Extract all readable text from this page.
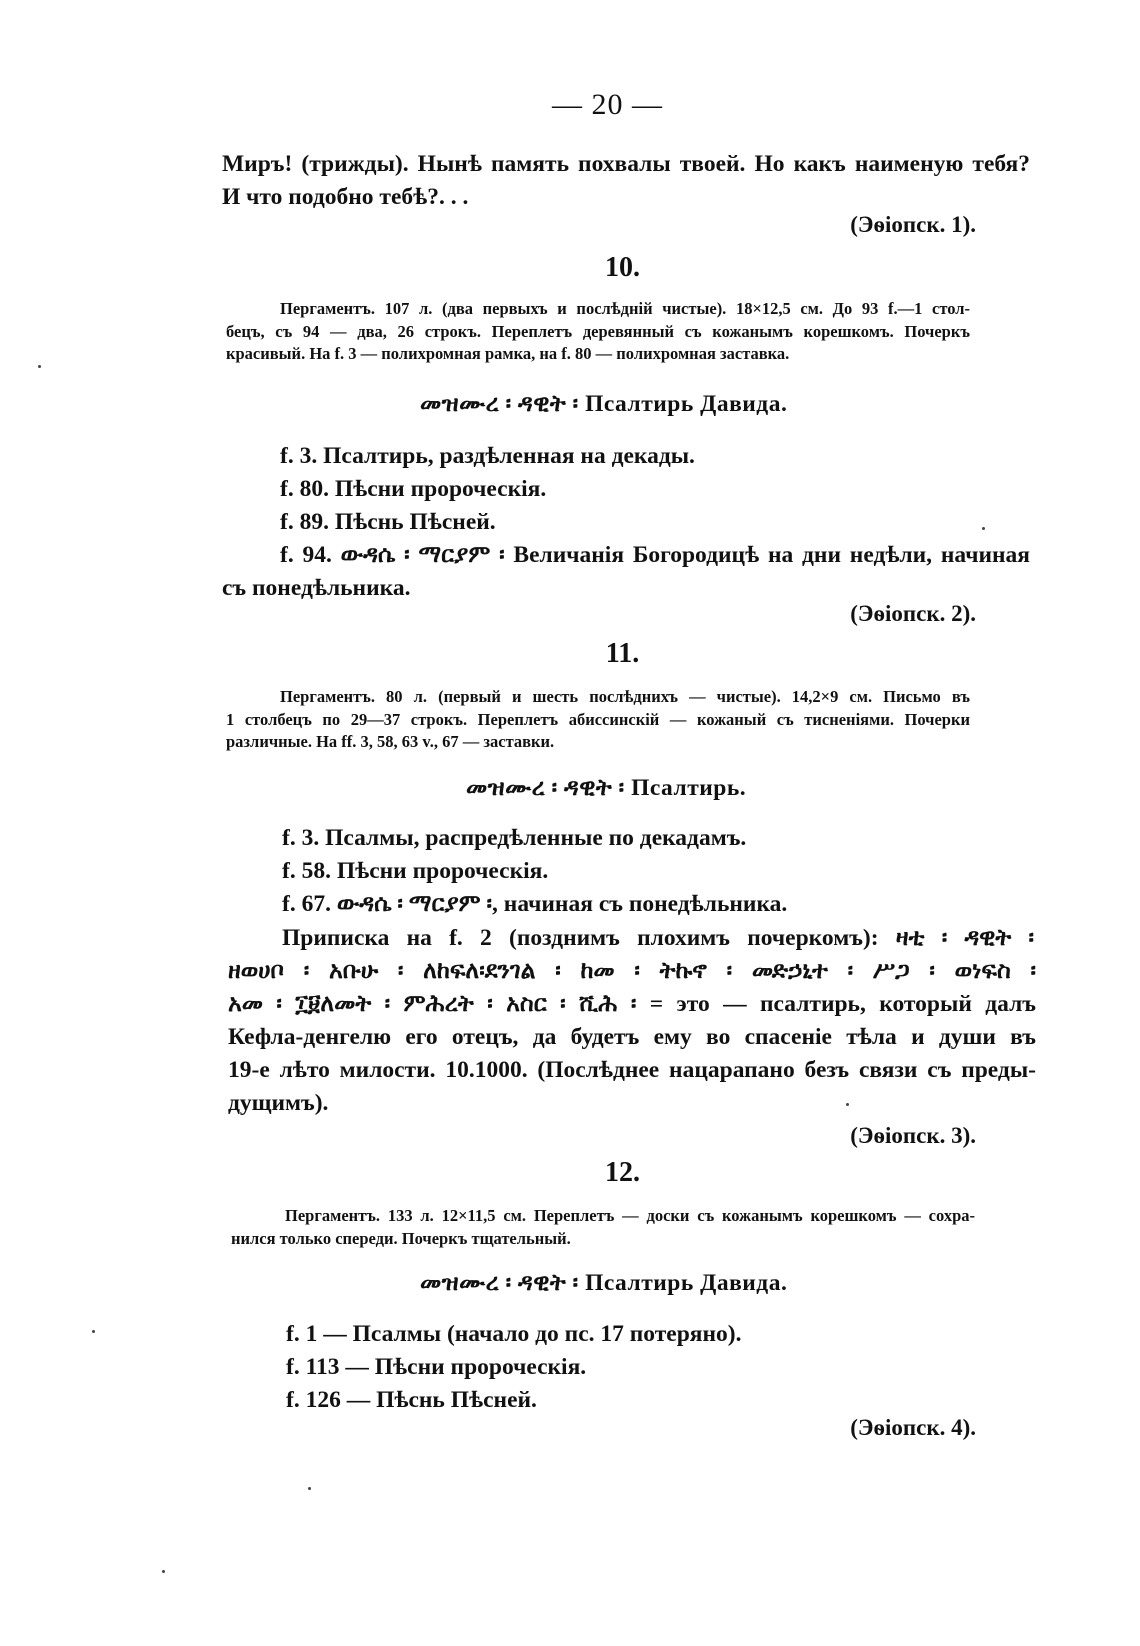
— 20 —
Миръ! (трижды). Нынѣ память похвалы твоей. Но какъ наименую тебя?
И что подобно тебѣ?. . .
(Эѳіопск. 1).
10.
Пергаментъ. 107 л. (два первыхъ и послѣдній чистые). 18×12,5 см. До 93 f.—1 стол-
бецъ, съ 94 — два, 26 строкъ. Переплетъ деревянный съ кожанымъ корешкомъ. Почеркъ
красивый. На f. 3 — полихромная рамка, на f. 80 — полихромная заставка.
መዝሙረ ፡ ዳዊት ፡ Псалтирь Давида.
f. 3. Псалтирь, раздѣленная на декады.
f. 80. Пѣсни пророческія.
f. 89. Пѣснь Пѣсней.
f. 94. ውዳሴ ፡ ማርያም ፡ Величанія Богородицѣ на дни недѣли, начиная
съ понедѣльника.
(Эѳіопск. 2).
11.
Пергаментъ. 80 л. (первый и шесть послѣднихъ — чистые). 14,2×9 см. Письмо въ
1 столбецъ по 29—37 строкъ. Переплетъ абиссинскій — кожаный съ тисненіями. Почерки
различные. На ff. 3, 58, 63 v., 67 — заставки.
መዝሙረ ፡ ዳዊት ፡ Псалтирь.
f. 3. Псалмы, распредѣленные по декадамъ.
f. 58. Пѣсни пророческія.
f. 67. ውዳሴ ፡ ማርያም ፡, начиная съ понедѣльника.
Приписка на f. 2 (позднимъ плохимъ почеркомъ): ዛቲ ፡ ዳዊት ፡
ዘወሀቦ ፡ አቡሁ ፡ ለከፍለ፡ደንገል ፡ ከመ ፡ ትኩኖ ፡ መድኃኒተ ፡ ሥጋ ፡ ወነፍስ ፡
አመ ፡ ፲፱ለመት ፡ ምሕረት ፡ አስር ፡ ሺሕ ፡ = это — псалтирь, который далъ
Кефла-денгелю его отецъ, да будетъ ему во спасеніе тѣла и души въ
19-е лѣто милости. 10.1000. (Послѣднее нацарапано безъ связи съ преды-
дущимъ).
(Эѳіопск. 3).
12.
Пергаментъ. 133 л. 12×11,5 см. Переплетъ — доски съ кожанымъ корешкомъ — сохра-
нился только спереди. Почеркъ тщательный.
መዝሙረ ፡ ዳዊት ፡ Псалтирь Давида.
f. 1 — Псалмы (начало до пс. 17 потеряно).
f. 113 — Пѣсни пророческія.
f. 126 — Пѣснь Пѣсней.
(Эѳіопск. 4).
